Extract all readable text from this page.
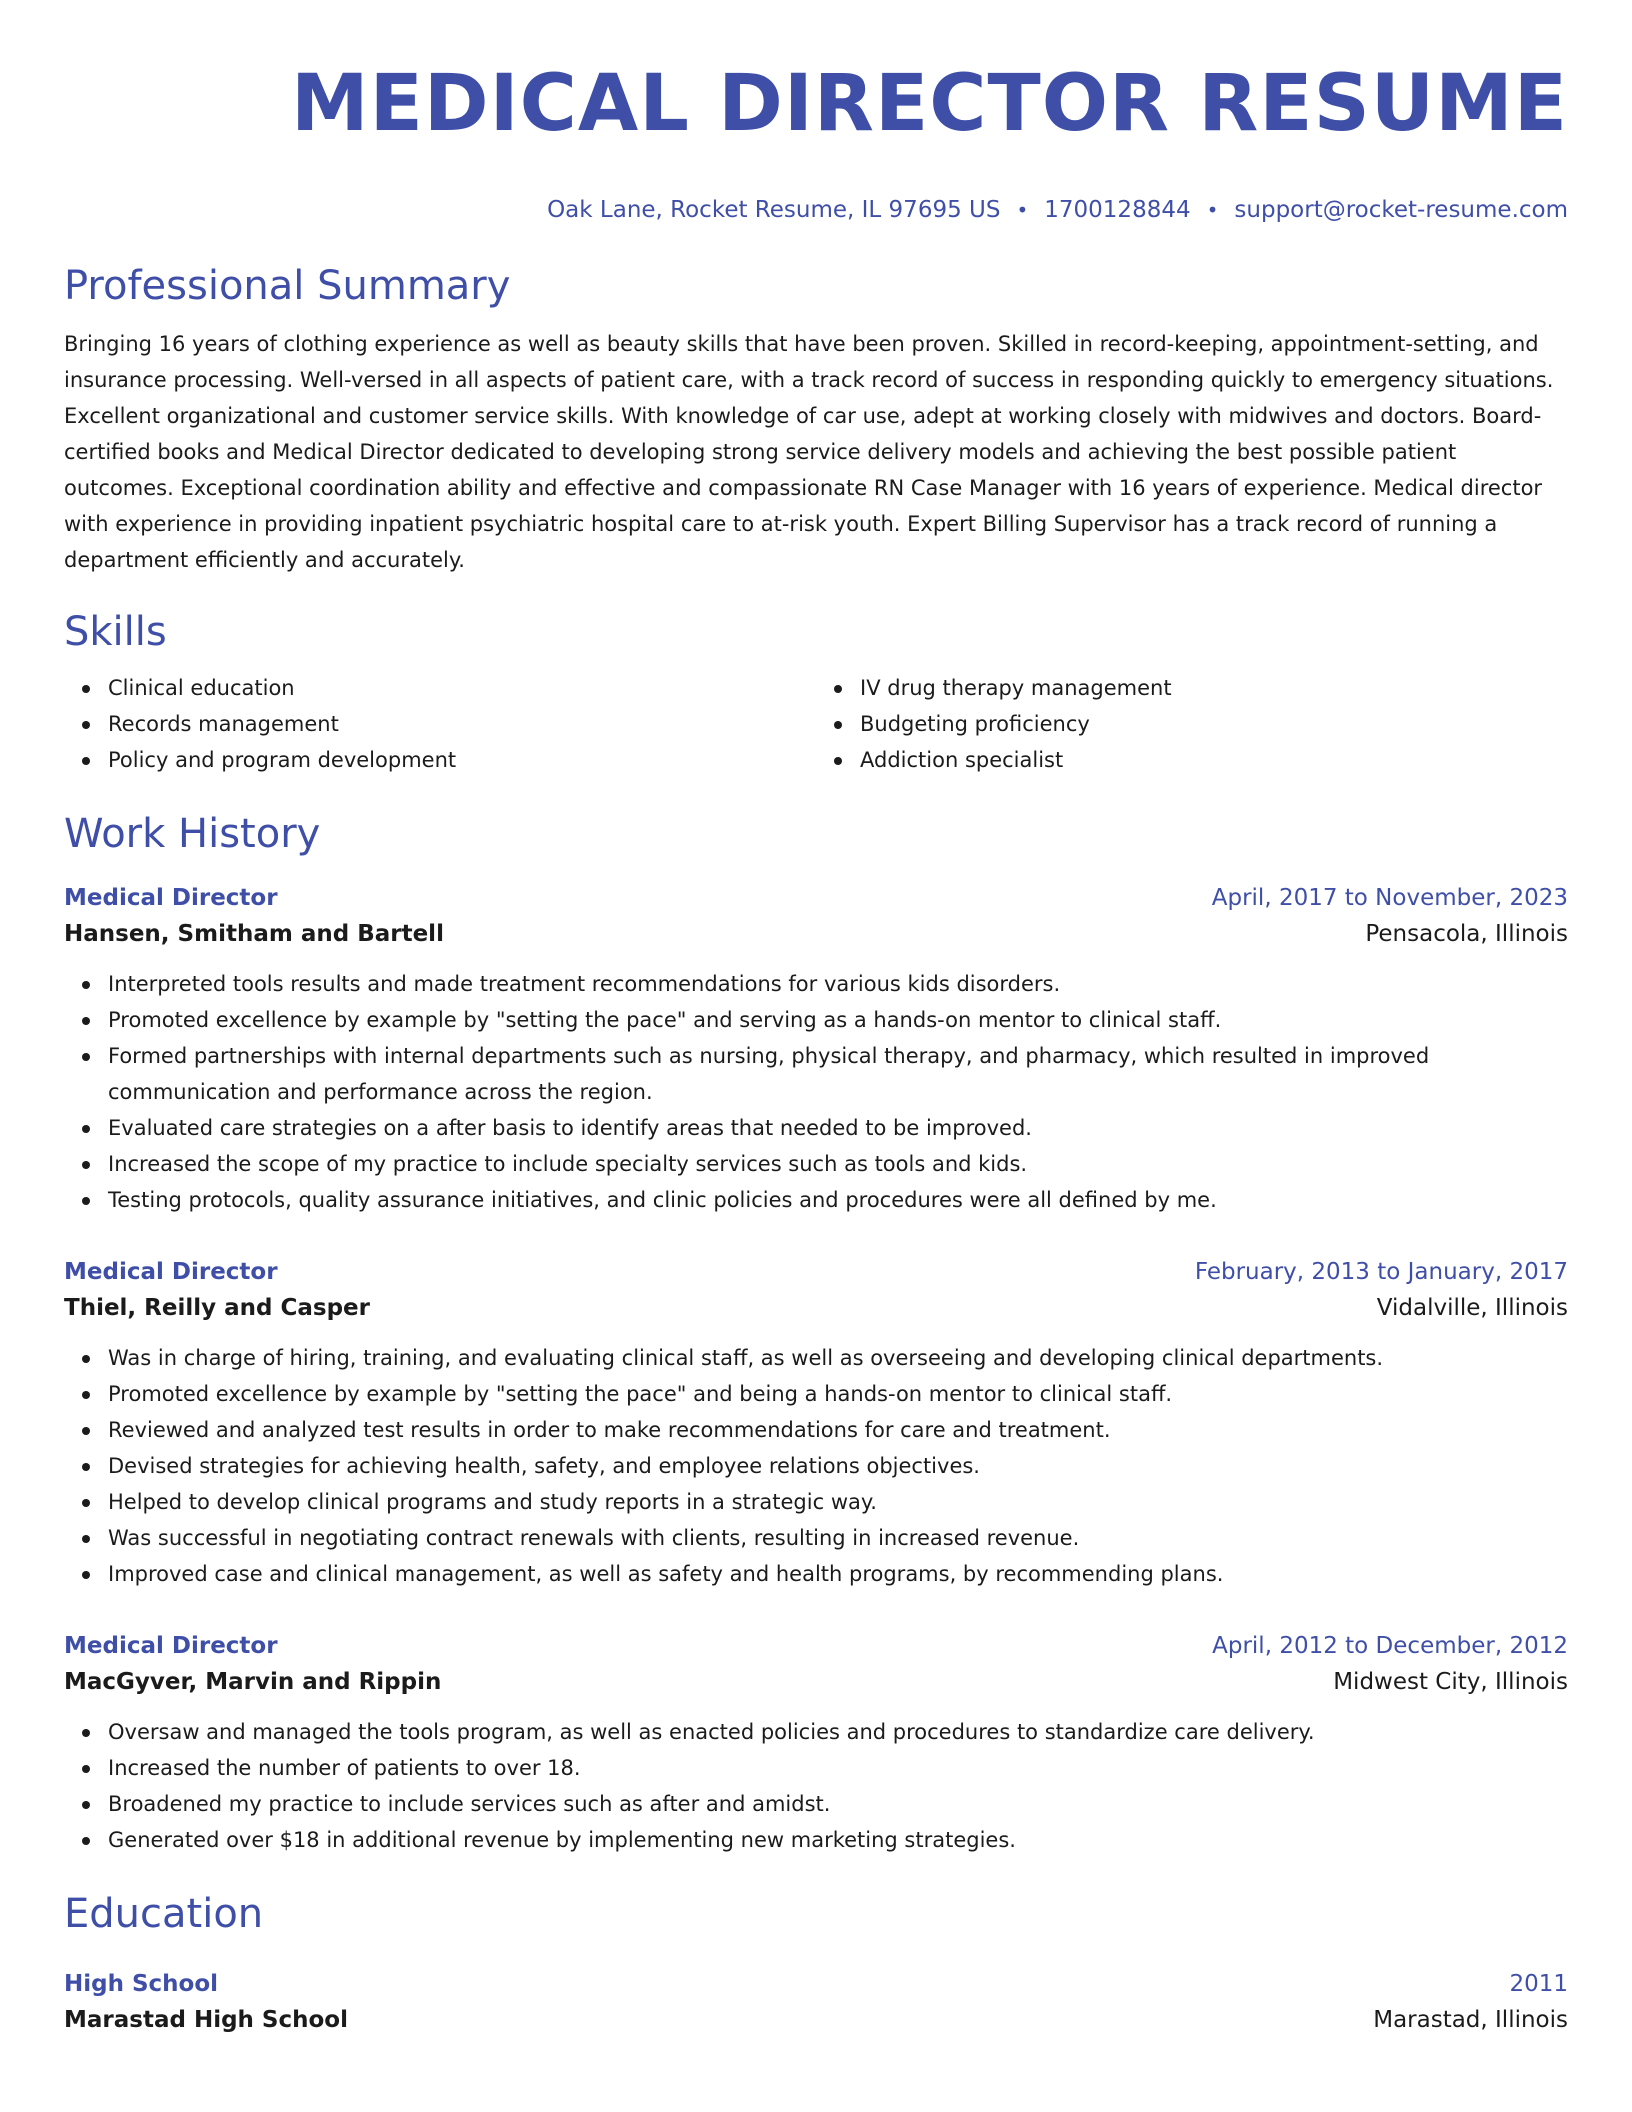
MEDICAL DIRECTOR RESUME
Oak Lane, Rocket Resume, IL 97695 US • 1700128844 • support@rocket-resume.com
Professional Summary
Bringing 16 years of clothing experience as well as beauty skills that have been proven. Skilled in record-keeping, appointment-setting, and insurance processing. Well-versed in all aspects of patient care, with a track record of success in responding quickly to emergency situations. Excellent organizational and customer service skills. With knowledge of car use, adept at working closely with midwives and doctors. Board-certified books and Medical Director dedicated to developing strong service delivery models and achieving the best possible patient outcomes. Exceptional coordination ability and effective and compassionate RN Case Manager with 16 years of experience. Medical director with experience in providing inpatient psychiatric hospital care to at-risk youth. Expert Billing Supervisor has a track record of running a department efficiently and accurately.
Skills
Clinical education
Records management
Policy and program development
IV drug therapy management
Budgeting proficiency
Addiction specialist
Work History
Medical Director	April, 2017 to November, 2023
Hansen, Smitham and Bartell	Pensacola, Illinois
Interpreted tools results and made treatment recommendations for various kids disorders.
Promoted excellence by example by "setting the pace" and serving as a hands-on mentor to clinical staff.
Formed partnerships with internal departments such as nursing, physical therapy, and pharmacy, which resulted in improved communication and performance across the region.
Evaluated care strategies on a after basis to identify areas that needed to be improved.
Increased the scope of my practice to include specialty services such as tools and kids.
Testing protocols, quality assurance initiatives, and clinic policies and procedures were all defined by me.
Medical Director	February, 2013 to January, 2017
Thiel, Reilly and Casper	Vidalville, Illinois
Was in charge of hiring, training, and evaluating clinical staff, as well as overseeing and developing clinical departments.
Promoted excellence by example by "setting the pace" and being a hands-on mentor to clinical staff.
Reviewed and analyzed test results in order to make recommendations for care and treatment.
Devised strategies for achieving health, safety, and employee relations objectives.
Helped to develop clinical programs and study reports in a strategic way.
Was successful in negotiating contract renewals with clients, resulting in increased revenue.
Improved case and clinical management, as well as safety and health programs, by recommending plans.
Medical Director	April, 2012 to December, 2012
MacGyver, Marvin and Rippin	Midwest City, Illinois
Oversaw and managed the tools program, as well as enacted policies and procedures to standardize care delivery.
Increased the number of patients to over 18.
Broadened my practice to include services such as after and amidst.
Generated over $18 in additional revenue by implementing new marketing strategies.
Education
High School	2011
Marastad High School	Marastad, Illinois
